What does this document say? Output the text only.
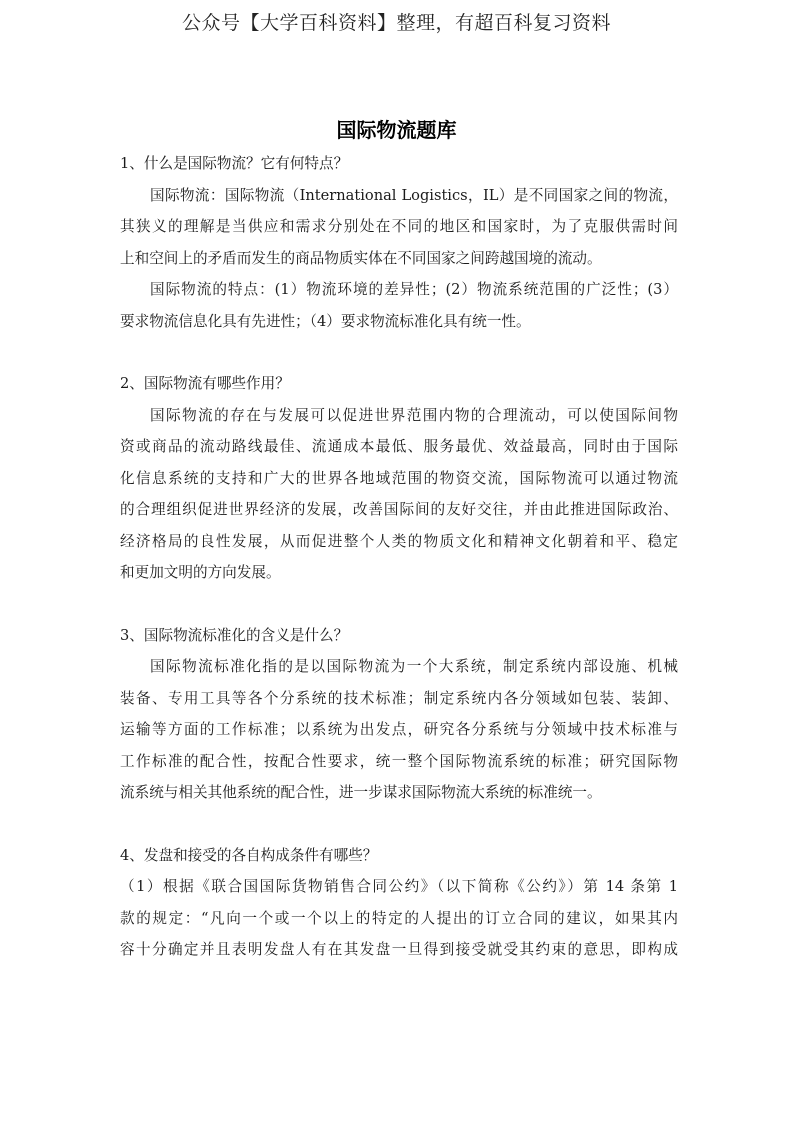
公众号【大学百科资料】整理，有超百科复习资料
国际物流题库
1、什么是国际物流？它有何特点？
国际物流：国际物流（International Logistics，IL）是不同国家之间的物流，
其狭义的理解是当供应和需求分别处在不同的地区和国家时，为了克服供需时间
上和空间上的矛盾而发生的商品物质实体在不同国家之间跨越国境的流动。
国际物流的特点：(1）物流环境的差异性；(2）物流系统范围的广泛性；(3）
要求物流信息化具有先进性；（4）要求物流标准化具有统一性。
2、国际物流有哪些作用？
国际物流的存在与发展可以促进世界范围内物的合理流动，可以使国际间物
资或商品的流动路线最佳、流通成本最低、服务最优、效益最高，同时由于国际
化信息系统的支持和广大的世界各地域范围的物资交流，国际物流可以通过物流
的合理组织促进世界经济的发展，改善国际间的友好交往，并由此推进国际政治、
经济格局的良性发展，从而促进整个人类的物质文化和精神文化朝着和平、稳定
和更加文明的方向发展。
3、国际物流标准化的含义是什么？
国际物流标准化指的是以国际物流为一个大系统，制定系统内部设施、机械
装备、专用工具等各个分系统的技术标准；制定系统内各分领域如包装、装卸、
运输等方面的工作标准；以系统为出发点，研究各分系统与分领域中技术标准与
工作标准的配合性，按配合性要求，统一整个国际物流系统的标准；研究国际物
流系统与相关其他系统的配合性，进一步谋求国际物流大系统的标准统一。
4、发盘和接受的各自构成条件有哪些？
（1）根据《联合国国际货物销售合同公约》（以下简称《公约》）第 14 条第 1
款的规定：“凡向一个或一个以上的特定的人提出的订立合同的建议，如果其内
容十分确定并且表明发盘人有在其发盘一旦得到接受就受其约束的意思，即构成
